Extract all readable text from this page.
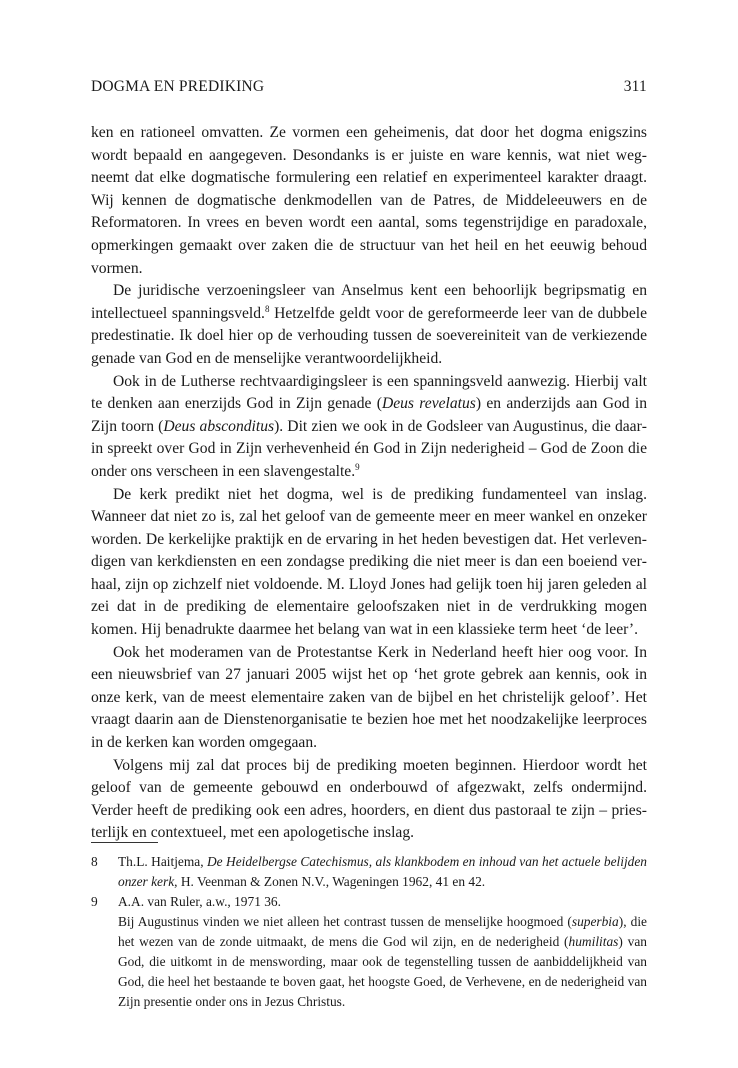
DOGMA EN PREDIKING	311

ken en rationeel omvatten. Ze vormen een geheimenis, dat door het dogma enigszins wordt bepaald en aangegeven. Desondanks is er juiste en ware kennis, wat niet wegneemt dat elke dogmatische formulering een relatief en experimenteel karakter draagt. Wij kennen de dogmatische denkmodellen van de Patres, de Middeleeuwers en de Reformatoren. In vrees en beven wordt een aantal, soms tegenstrijdige en paradoxale, opmerkingen gemaakt over zaken die de structuur van het heil en het eeuwig behoud vormen.

De juridische verzoeningsleer van Anselmus kent een behoorlijk begripsmatig en intellectueel spanningsveld.$^8$ Hetzelfde geldt voor de gereformeerde leer van de dubbele predestinatie. Ik doel hier op de verhouding tussen de soevereiniteit van de verkiezende genade van God en de menselijke verantwoordelijkheid.

Ook in de Lutherse rechtvaardigingsleer is een spanningsveld aanwezig. Hierbij valt te denken aan enerzijds God in Zijn genade (Deus revelatus) en anderzijds aan God in Zijn toorn (Deus absconditus). Dit zien we ook in de Godsleer van Augustinus, die daarin spreekt over God in Zijn verhevenheid én God in Zijn nederigheid – God de Zoon die onder ons verscheen in een slavengestalte.$^9$

De kerk predikt niet het dogma, wel is de prediking fundamenteel van inslag. Wanneer dat niet zo is, zal het geloof van de gemeente meer en meer wankel en onzeker worden. De kerkelijke praktijk en de ervaring in het heden bevestigen dat. Het verlevendigen van kerkdiensten en een zondagse prediking die niet meer is dan een boeiend verhaal, zijn op zichzelf niet voldoende. M. Lloyd Jones had gelijk toen hij jaren geleden al zei dat in de prediking de elementaire geloofszaken niet in de verdrukking mogen komen. Hij benadrukte daarmee het belang van wat in een klassieke term heet ‘de leer’.

Ook het moderamen van de Protestantse Kerk in Nederland heeft hier oog voor. In een nieuwsbrief van 27 januari 2005 wijst het op ‘het grote gebrek aan kennis, ook in onze kerk, van de meest elementaire zaken van de bijbel en het christelijk geloof’. Het vraagt daarin aan de Dienstenorganisatie te bezien hoe met het noodzakelijke leerproces in de kerken kan worden omgegaan.

Volgens mij zal dat proces bij de prediking moeten beginnen. Hierdoor wordt het geloof van de gemeente gebouwd en onderbouwd of afgezwakt, zelfs ondermijnd. Verder heeft de prediking ook een adres, hoorders, en dient dus pastoraal te zijn – priesterlijk en contextueel, met een apologetische inslag.

8	Th.L. Haitjema, De Heidelbergse Catechismus, als klankbodem en inhoud van het actuele belijden onzer kerk, H. Veenman & Zonen N.V., Wageningen 1962, 41 en 42.

9	A.A. van Ruler, a.w., 1971 36.

Bij Augustinus vinden we niet alleen het contrast tussen de menselijke hoogmoed (superbia), die het wezen van de zonde uitmaakt, de mens die God wil zijn, en de nederigheid (humilitas) van God, die uitkomt in de menswording, maar ook de tegenstelling tussen de aanbiddelijkheid van God, die heel het bestaande te boven gaat, het hoogste Goed, de Verhevene, en de nederigheid van Zijn presentie onder ons in Jezus Christus.
